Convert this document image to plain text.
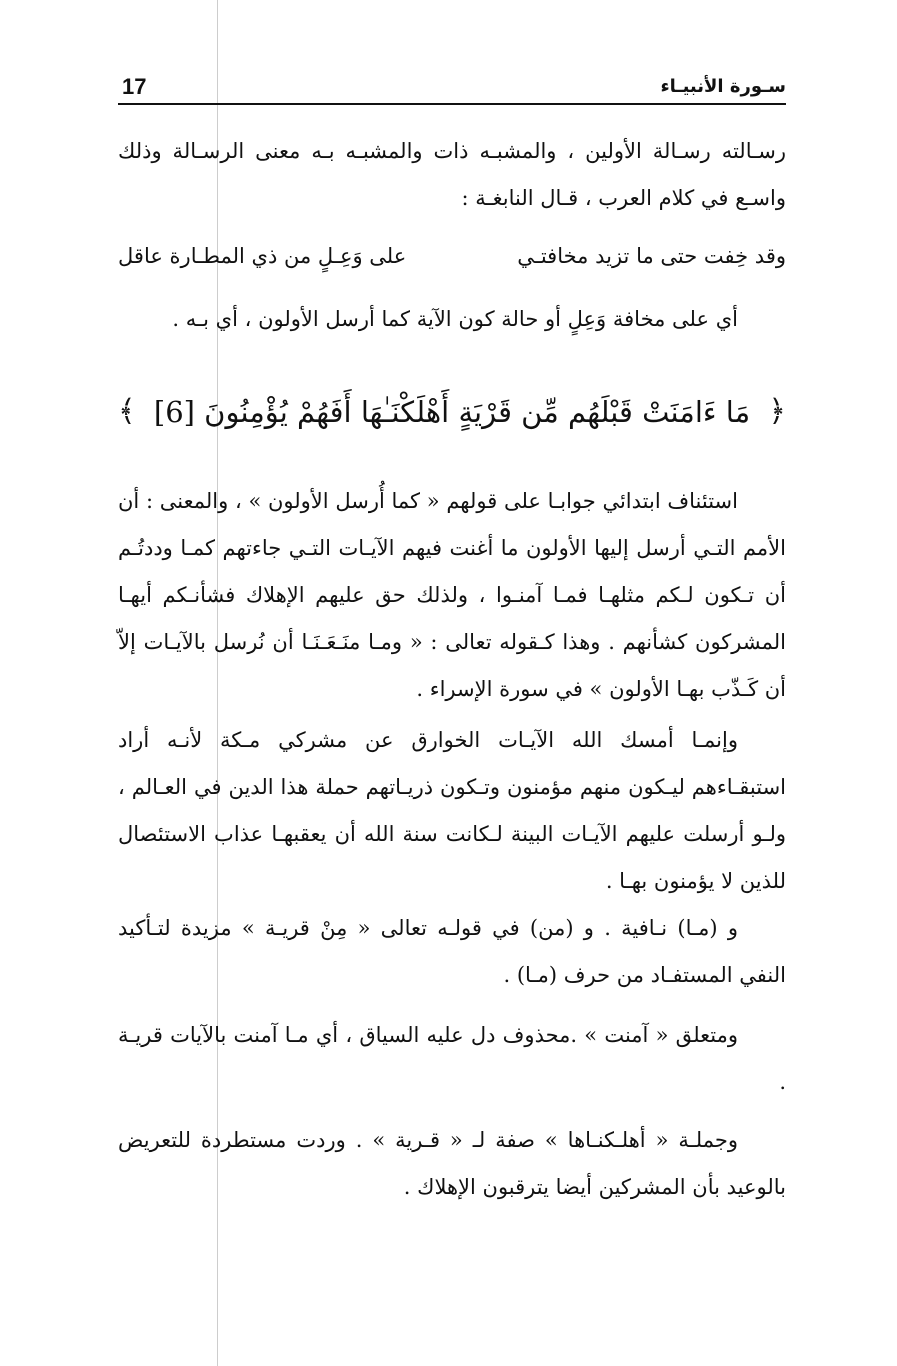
17	سـورة الأنبيـاء

رسـالته رسـالة الأولين ، والمشبـه ذات والمشبـه بـه معنى الرسـالة وذلك واسـع في كلام العرب ، قـال النابغـة :

وقد خِفت حتى ما تزيد مخافتـي
على وَعِـلٍ من ذي المطـارة عاقل

أي على مخافة وَعِلٍ أو حالة كون الآية كما أرسل الأولون ، أي بـه .

﴿
مَا ءَامَنَتْ قَبْلَهُم مِّن قَرْيَةٍ أَهْلَكْنَـٰهَا أَفَهُمْ يُؤْمِنُونَ [6]
﴾

استئناف ابتدائي جوابـا على قولهم « كما أُرسل الأولون » ، والمعنى : أن الأمم التـي أرسل إليها الأولون ما أغنت فيهم الآيـات التـي جاءتهم كمـا وددتُـم أن تـكون لـكم مثلهـا فمـا آمنـوا ، ولذلك حق عليهم الإهلاك فشأنـكم أيهـا المشركون كشأنهم . وهذا كـقوله تعالى : « ومـا منَـعَـنَـا أن نُرسل بالآيـات إلاّ أن كَـذّب بهـا الأولون » في سورة الإسراء .

وإنمـا أمسك الله الآيـات الخوارق عن مشركي مـكة لأنـه أراد استبقـاءهم ليـكون منهم مؤمنون وتـكون ذريـاتهم حملة هذا الدين في العـالم ، ولـو أرسلت عليهم الآيـات البينة لـكانت سنة الله أن يعقبهـا عذاب الاستئصال للذين لا يؤمنون بهـا .

و (مـا) نـافية . و (من) في قولـه تعالى « مِنْ قريـة » مزيدة لتـأكيد النفي المستفـاد من حرف (مـا) .

ومتعلق « آمنت » .محذوف دل عليه السياق ، أي مـا آمنت بالآيات قريـة .

وجملـة « أهلـكنـاها » صفة لـ « قـرية » . وردت مستطردة للتعريض بالوعيد بأن المشركين أيضا يترقبون الإهلاك .
